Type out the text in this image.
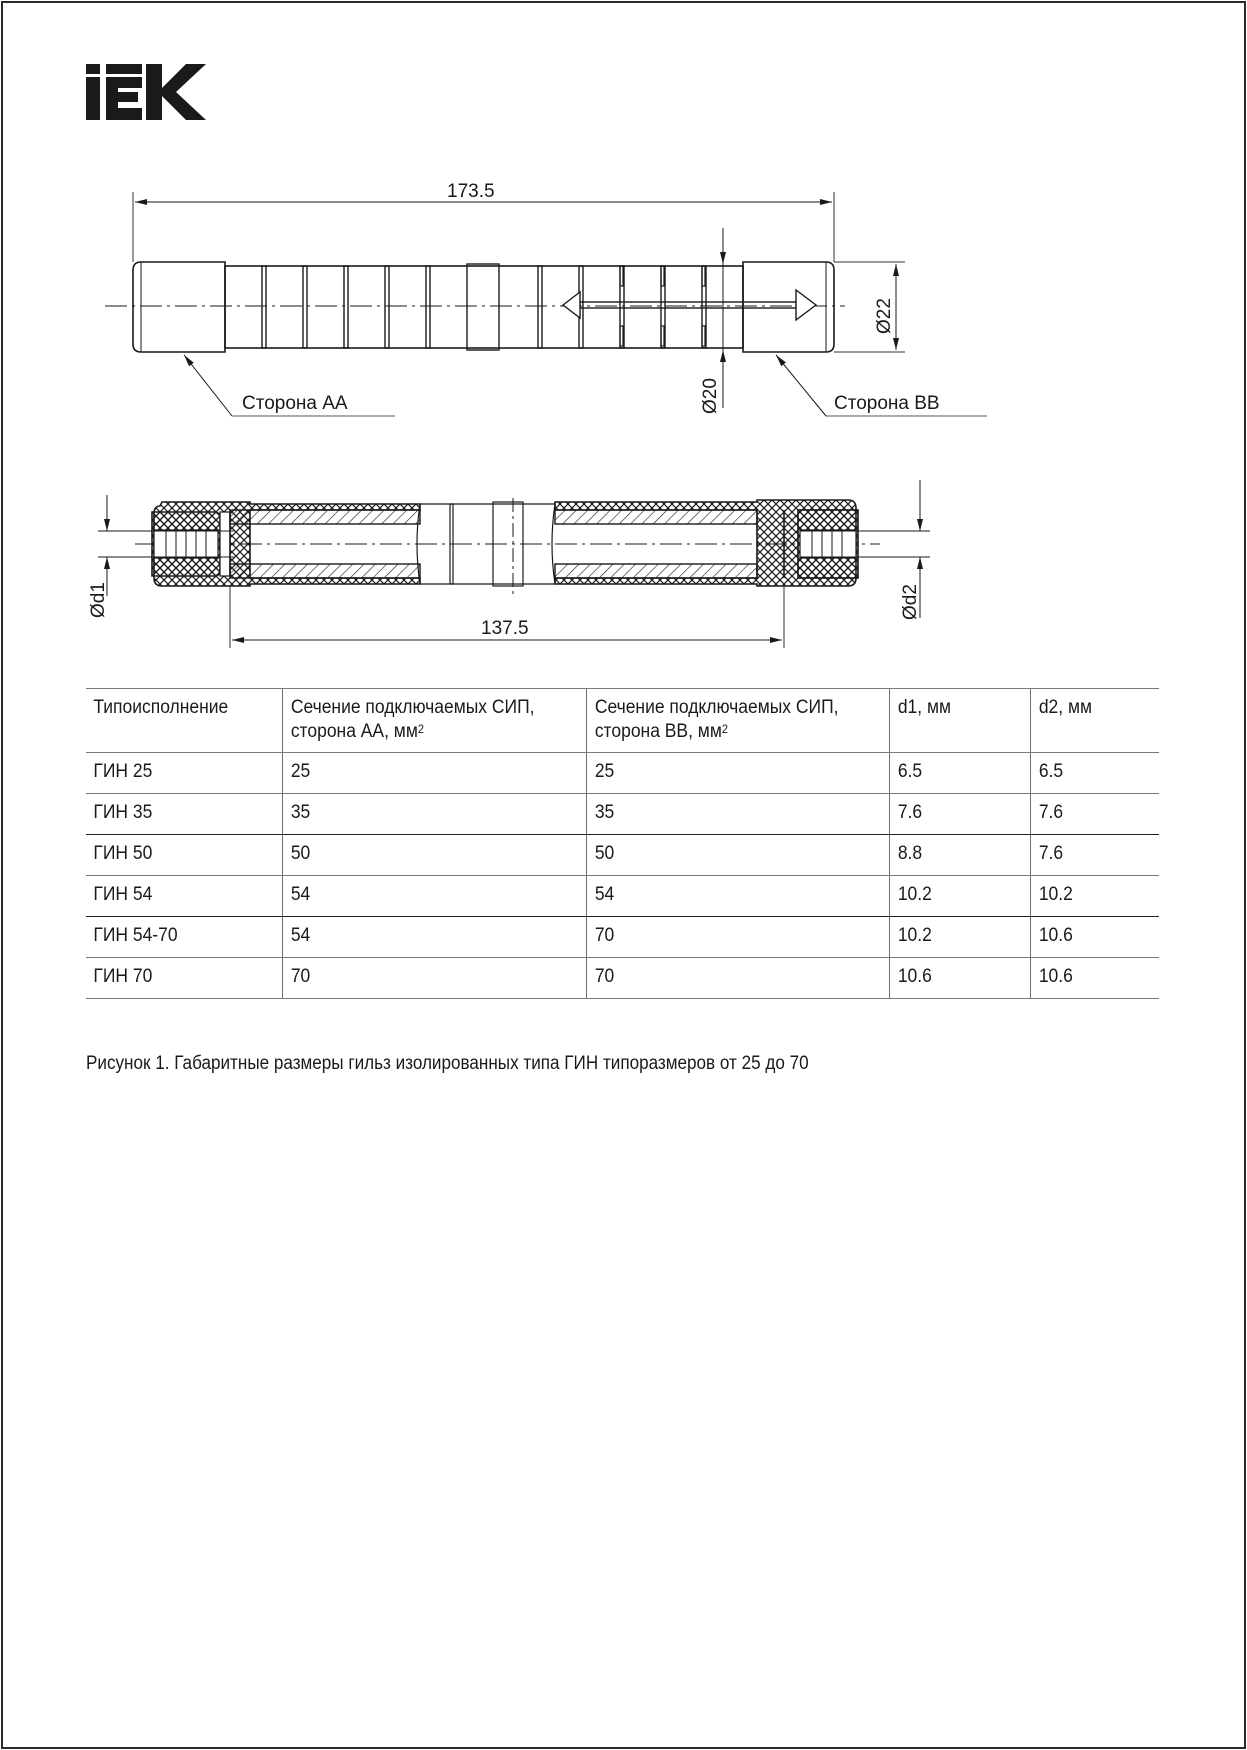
173.5
Ø20
Ø22
Сторона АА	Сторона ВВ
Ød1	Ød2
137.5
Типоисполнение	Сечение подключаемых СИП, сторона АА, $мм^2$	Сечение подключаемых СИП, сторона ВВ, $мм^2$	d1, мм	d2, мм
ГИН 25	25	25	6.5	6.5
ГИН 35	35	35	7.6	7.6
ГИН 50	50	50	8.8	7.6
ГИН 54	54	54	10.2	10.2
ГИН 54-70	54	70	10.2	10.6
ГИН 70	70	70	10.6	10.6
Рисунок 1. Габаритные размеры гильз изолированных типа ГИН типоразмеров от 25 до 70
